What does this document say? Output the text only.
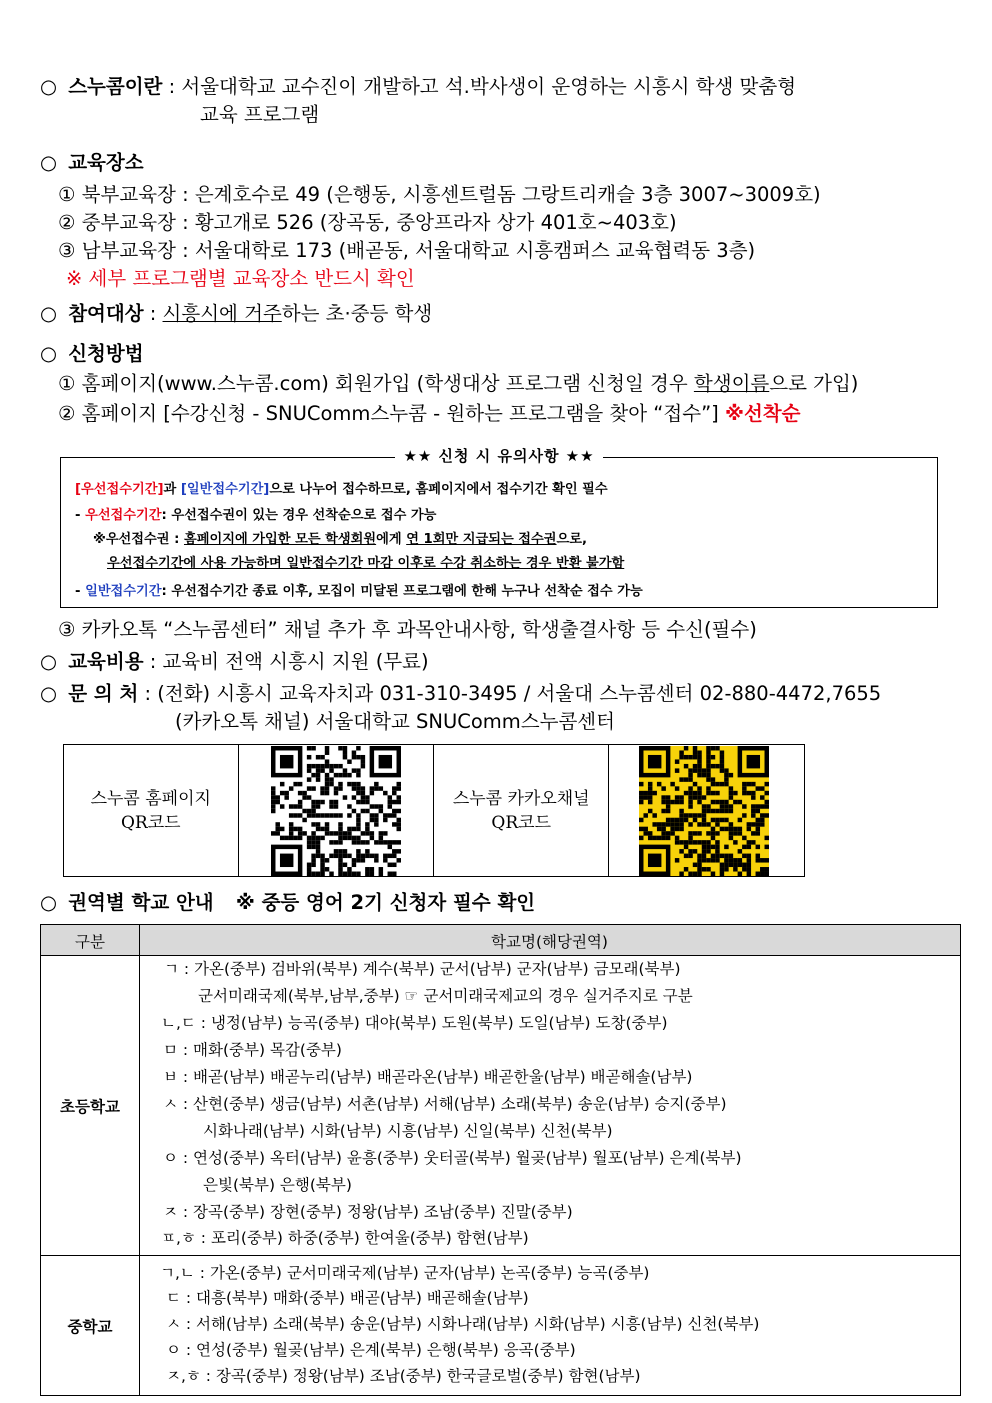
○ 스누콤이란 : 서울대학교 교수진이 개발하고 석.박사생이 운영하는 시흥시 학생 맞춤형
교육 프로그램
○ 교육장소
① 북부교육장 : 은계호수로 49 (은행동, 시흥센트럴돔 그랑트리캐슬 3층 3007~3009호)
② 중부교육장 : 황고개로 526 (장곡동, 중앙프라자 상가 401호~403호)
③ 남부교육장 : 서울대학로 173 (배곧동, 서울대학교 시흥캠퍼스 교육협력동 3층)
※ 세부 프로그램별 교육장소 반드시 확인
○ 참여대상 : 시흥시에 거주하는 초·중등 학생
○ 신청방법
① 홈페이지(www.스누콤.com) 회원가입 (학생대상 프로그램 신청일 경우 학생이름으로 가입)
② 홈페이지 [수강신청 - SNUComm스누콤 - 원하는 프로그램을 찾아 “접수”] ※선착순
★★ 신청 시 유의사항 ★★
[우선접수기간]과 [일반접수기간]으로 나누어 접수하므로, 홈페이지에서 접수기간 확인 필수
- 우선접수기간: 우선접수권이 있는 경우 선착순으로 접수 가능
※우선접수권 : 홈페이지에 가입한 모든 학생회원에게 연 1회만 지급되는 접수권으로,
우선접수기간에 사용 가능하며 일반접수기간 마감 이후로 수강 취소하는 경우 반환 불가함
- 일반접수기간: 우선접수기간 종료 이후, 모집이 미달된 프로그램에 한해 누구나 선착순 접수 가능
③ 카카오톡 “스누콤센터” 채널 추가 후 과목안내사항, 학생출결사항 등 수신(필수)
○ 교육비용 : 교육비 전액 시흥시 지원 (무료)
○ 문 의 처 : (전화) 시흥시 교육자치과 031-310-3495 / 서울대 스누콤센터 02-880-4472,7655
(카카오톡 채널) 서울대학교 SNUComm스누콤센터
스누콤 홈페이지
QR코드
스누콤 카카오채널
QR코드
○ 권역별 학교 안내 ※ 중등 영어 2기 신청자 필수 확인
구분	학교명(해당권역)
초등학교
중학교
ㄱ : 가온(중부) 검바위(북부) 계수(북부) 군서(남부) 군자(남부) 금모래(북부)
군서미래국제(북부,남부,중부) ☞ 군서미래국제교의 경우 실거주지로 구분
ㄴ,ㄷ : 냉정(남부) 능곡(중부) 대야(북부) 도원(북부) 도일(남부) 도창(중부)
ㅁ : 매화(중부) 목감(중부)
ㅂ : 배곧(남부) 배곧누리(남부) 배곧라온(남부) 배곧한울(남부) 배곧해솔(남부)
ㅅ : 산현(중부) 생금(남부) 서촌(남부) 서해(남부) 소래(북부) 송운(남부) 승지(중부)
시화나래(남부) 시화(남부) 시흥(남부) 신일(북부) 신천(북부)
ㅇ : 연성(중부) 옥터(남부) 윤흥(중부) 웃터골(북부) 월곶(남부) 월포(남부) 은계(북부)
은빛(북부) 은행(북부)
ㅈ : 장곡(중부) 장현(중부) 정왕(남부) 조남(중부) 진말(중부)
ㅍ,ㅎ : 포리(중부) 하중(중부) 한여울(중부) 함현(남부)
ㄱ,ㄴ : 가온(중부) 군서미래국제(남부) 군자(남부) 논곡(중부) 능곡(중부)
ㄷ : 대흥(북부) 매화(중부) 배곧(남부) 배곧해솔(남부)
ㅅ : 서해(남부) 소래(북부) 송운(남부) 시화나래(남부) 시화(남부) 시흥(남부) 신천(북부)
ㅇ : 연성(중부) 월곶(남부) 은계(북부) 은행(북부) 응곡(중부)
ㅈ,ㅎ : 장곡(중부) 정왕(남부) 조남(중부) 한국글로벌(중부) 함현(남부)
